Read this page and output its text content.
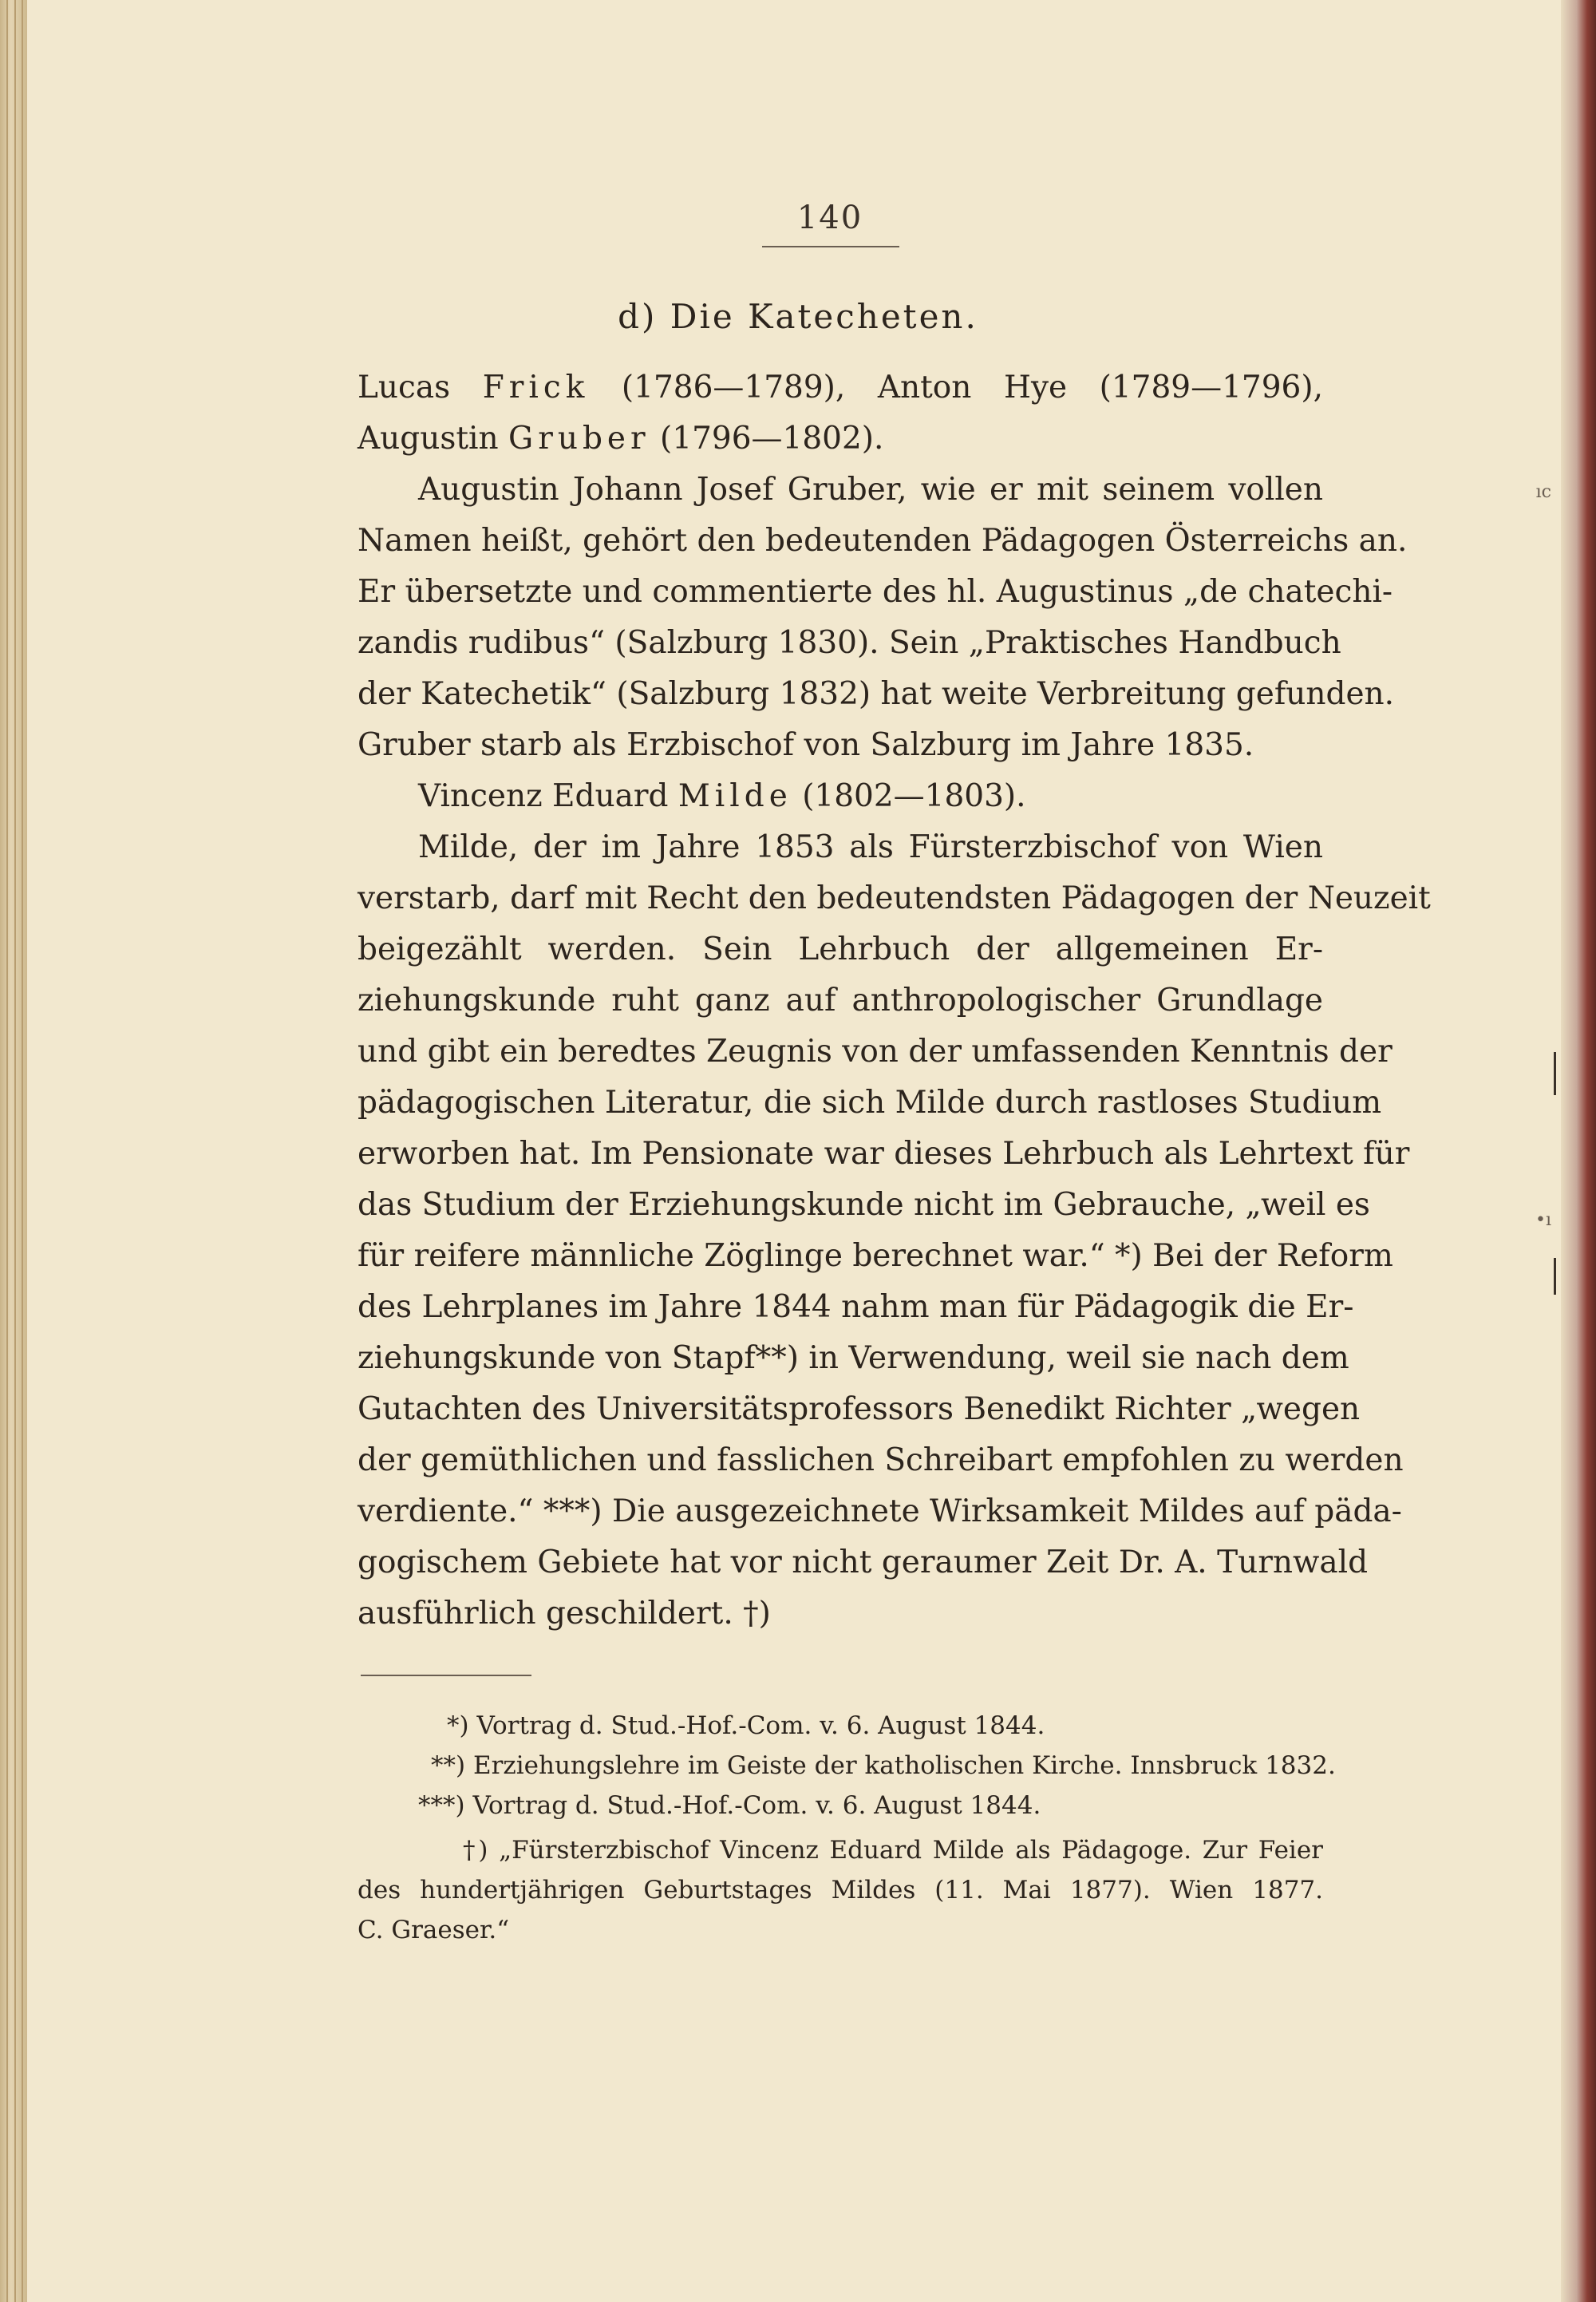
140
d) Die Katecheten.
Lucas Frick (1786—1789), Anton Hye (1789—1796),
Augustin Gruber (1796—1802).
Augustin Johann Josef Gruber, wie er mit seinem vollen
Namen heißt, gehört den bedeutenden Pädagogen Österreichs an.
Er übersetzte und commentierte des hl. Augustinus „de chatechi-
zandis rudibus“ (Salzburg 1830). Sein „Praktisches Handbuch
der Katechetik“ (Salzburg 1832) hat weite Verbreitung gefunden.
Gruber starb als Erzbischof von Salzburg im Jahre 1835.
Vincenz Eduard Milde (1802—1803).
Milde, der im Jahre 1853 als Fürsterzbischof von Wien
verstarb, darf mit Recht den bedeutendsten Pädagogen der Neuzeit
beigezählt werden. Sein Lehrbuch der allgemeinen Er-
ziehungskunde ruht ganz auf anthropologischer Grundlage
und gibt ein beredtes Zeugnis von der umfassenden Kenntnis der
pädagogischen Literatur, die sich Milde durch rastloses Studium
erworben hat. Im Pensionate war dieses Lehrbuch als Lehrtext für
das Studium der Erziehungskunde nicht im Gebrauche, „weil es
für reifere männliche Zöglinge berechnet war.“ *) Bei der Reform
des Lehrplanes im Jahre 1844 nahm man für Pädagogik die Er-
ziehungskunde von Stapf**) in Verwendung, weil sie nach dem
Gutachten des Universitätsprofessors Benedikt Richter „wegen
der gemüthlichen und fasslichen Schreibart empfohlen zu werden
verdiente.“ ***) Die ausgezeichnete Wirksamkeit Mildes auf päda-
gogischem Gebiete hat vor nicht geraumer Zeit Dr. A. Turnwald
ausführlich geschildert. †)
*) Vortrag d. Stud.-Hof.-Com. v. 6. August 1844.
**) Erziehungslehre im Geiste der katholischen Kirche. Innsbruck 1832.
***) Vortrag d. Stud.-Hof.-Com. v. 6. August 1844.
†) „Fürsterzbischof Vincenz Eduard Milde als Pädagoge. Zur Feier
des hundertjährigen Geburtstages Mildes (11. Mai 1877). Wien 1877.
C. Graeser.“
ıc
•ı
